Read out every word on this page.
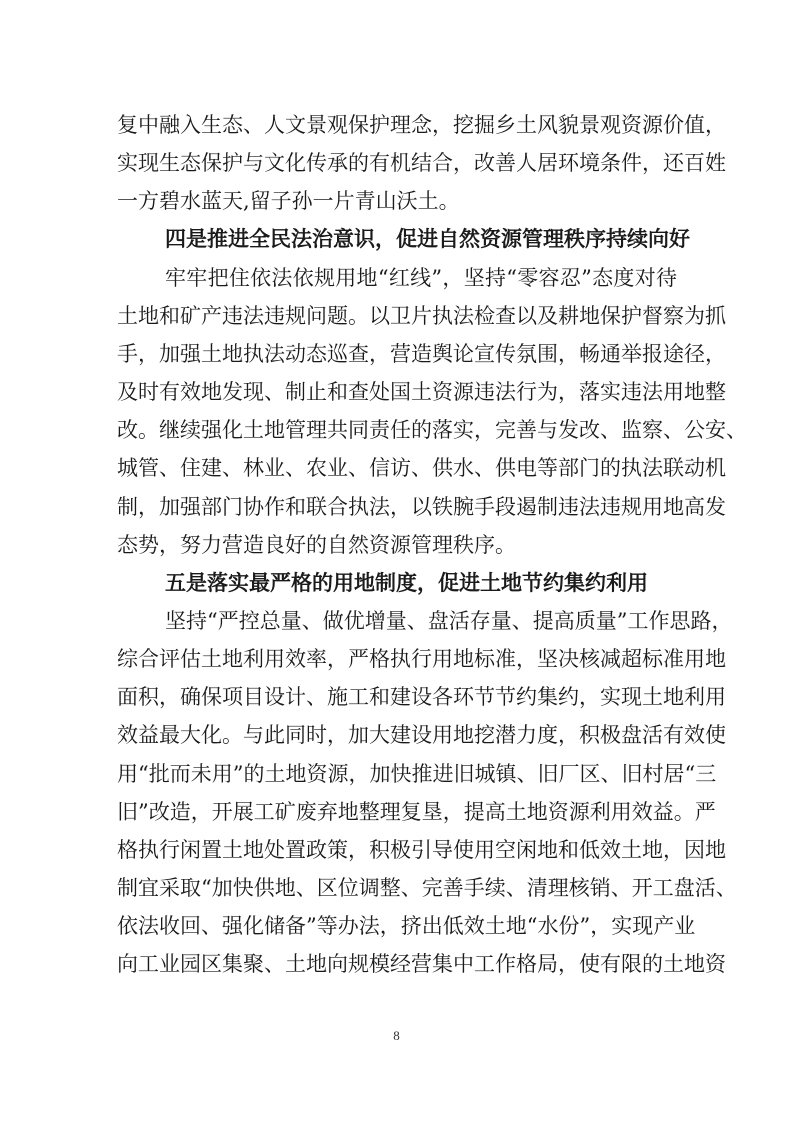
复中融入生态、人文景观保护理念，挖掘乡土风貌景观资源价值，
实现生态保护与文化传承的有机结合，改善人居环境条件，还百姓
一方碧水蓝天,留子孙一片青山沃土。
四是推进全民法治意识，促进自然资源管理秩序持续向好
牢牢把住依法依规用地“红线”，坚持“零容忍”态度对待
土地和矿产违法违规问题。以卫片执法检查以及耕地保护督察为抓
手，加强土地执法动态巡查，营造舆论宣传氛围，畅通举报途径，
及时有效地发现、制止和查处国土资源违法行为，落实违法用地整
改。继续强化土地管理共同责任的落实，完善与发改、监察、公安、
城管、住建、林业、农业、信访、供水、供电等部门的执法联动机
制，加强部门协作和联合执法，以铁腕手段遏制违法违规用地高发
态势，努力营造良好的自然资源管理秩序。
五是落实最严格的用地制度，促进土地节约集约利用
坚持“严控总量、做优增量、盘活存量、提高质量”工作思路，
综合评估土地利用效率，严格执行用地标准，坚决核减超标准用地
面积，确保项目设计、施工和建设各环节节约集约，实现土地利用
效益最大化。与此同时，加大建设用地挖潜力度，积极盘活有效使
用“批而未用”的土地资源，加快推进旧城镇、旧厂区、旧村居“三
旧”改造，开展工矿废弃地整理复垦，提高土地资源利用效益。严
格执行闲置土地处置政策，积极引导使用空闲地和低效土地，因地
制宜采取“加快供地、区位调整、完善手续、清理核销、开工盘活、
依法收回、强化储备”等办法，挤出低效土地“水份”，实现产业
向工业园区集聚、土地向规模经营集中工作格局，使有限的土地资
8
